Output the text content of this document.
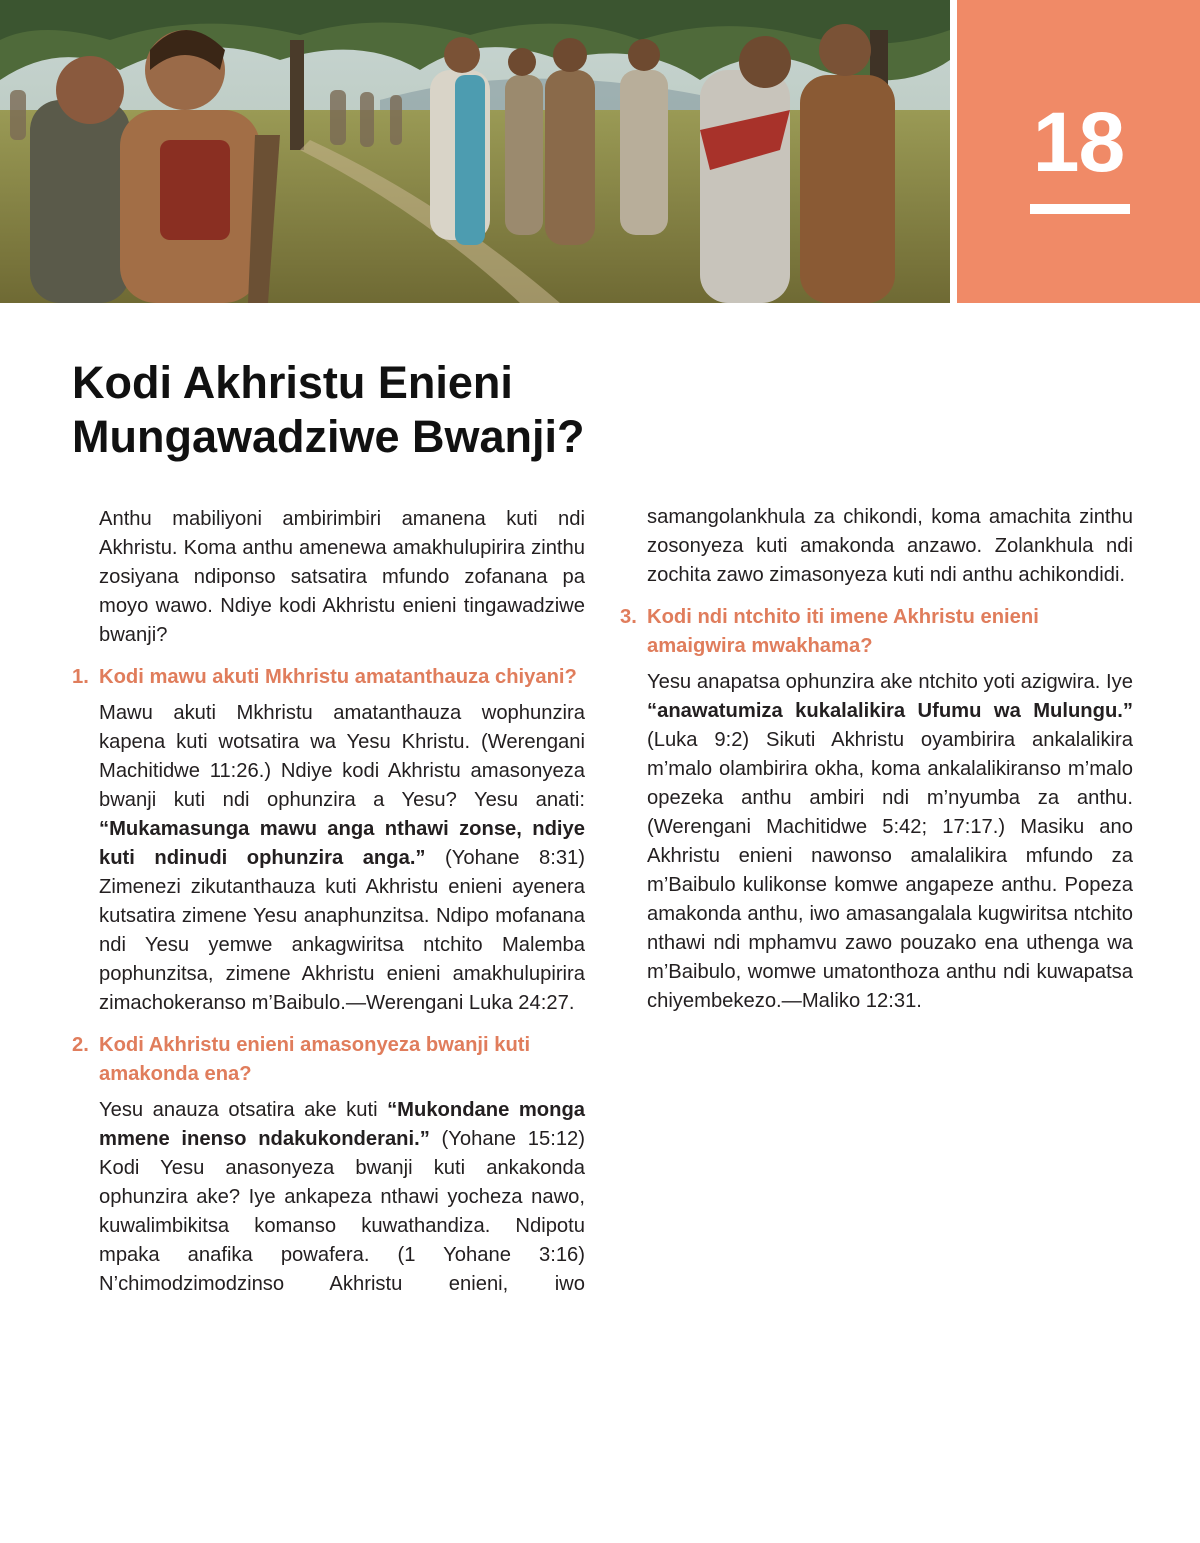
18
Kodi Akhristu Enieni
Mungawadziwe Bwanji?

Anthu mabiliyoni ambirimbiri amanena kuti ndi Akhristu. Koma anthu amenewa amakhulupirira zinthu zosiyana ndiponso satsatira mfundo zofanana pa moyo wawo. Ndiye kodi Akhristu enieni tingawadziwe bwanji?

1. Kodi mawu akuti Mkhristu amatanthauza chiyani?

Mawu akuti Mkhristu amatanthauza wophunzira kapena kuti wotsatira wa Yesu Khristu. (Werengani Machitidwe 11:26.) Ndiye kodi Akhristu amasonyeza bwanji kuti ndi ophunzira a Yesu? Yesu anati: “Mukamasunga mawu anga nthawi zonse, ndiye kuti ndinudi ophunzira anga.” (Yohane 8:31) Zimenezi zikutanthauza kuti Akhristu enieni ayenera kutsatira zimene Yesu anaphunzitsa. Ndipo mofanana ndi Yesu yemwe ankagwiritsa ntchito Malemba pophunzitsa, zimene Akhristu enieni amakhulupirira zimachokeranso m’Baibulo.—Werengani Luka 24:27.

2. Kodi Akhristu enieni amasonyeza bwanji kuti amakonda ena?

Yesu anauza otsatira ake kuti “Mukondane monga mmene inenso ndakukonderani.” (Yohane 15:12) Kodi Yesu anasonyeza bwanji kuti ankakonda ophunzira ake? Iye ankapeza nthawi yocheza nawo, kuwalimbikitsa komanso kuwathandiza. Ndipotu mpaka anafika powafera. (1 Yohane 3:16) N’chimodzimodzinso Akhristu enieni, iwo

samangolankhula za chikondi, koma amachita zinthu zosonyeza kuti amakonda anzawo. Zolankhula ndi zochita zawo zimasonyeza kuti ndi anthu achikondidi.

3. Kodi ndi ntchito iti imene Akhristu enieni amaigwira mwakhama?

Yesu anapatsa ophunzira ake ntchito yoti azigwira. Iye “anawatumiza kukalalikira Ufumu wa Mulungu.” (Luka 9:2) Sikuti Akhristu oyambirira ankalalikira m’malo olambirira okha, koma ankalalikiranso m’malo opezeka anthu ambiri ndi m’nyumba za anthu. (Werengani Machitidwe 5:42; 17:17.) Masiku ano Akhristu enieni nawonso amalalikira mfundo za m’Baibulo kulikonse komwe angapeze anthu. Popeza amakonda anthu, iwo amasangalala kugwiritsa ntchito nthawi ndi mphamvu zawo pouzako ena uthenga wa m’Baibulo, womwe umatonthoza anthu ndi kuwapatsa chiyembekezo.—Maliko 12:31.
